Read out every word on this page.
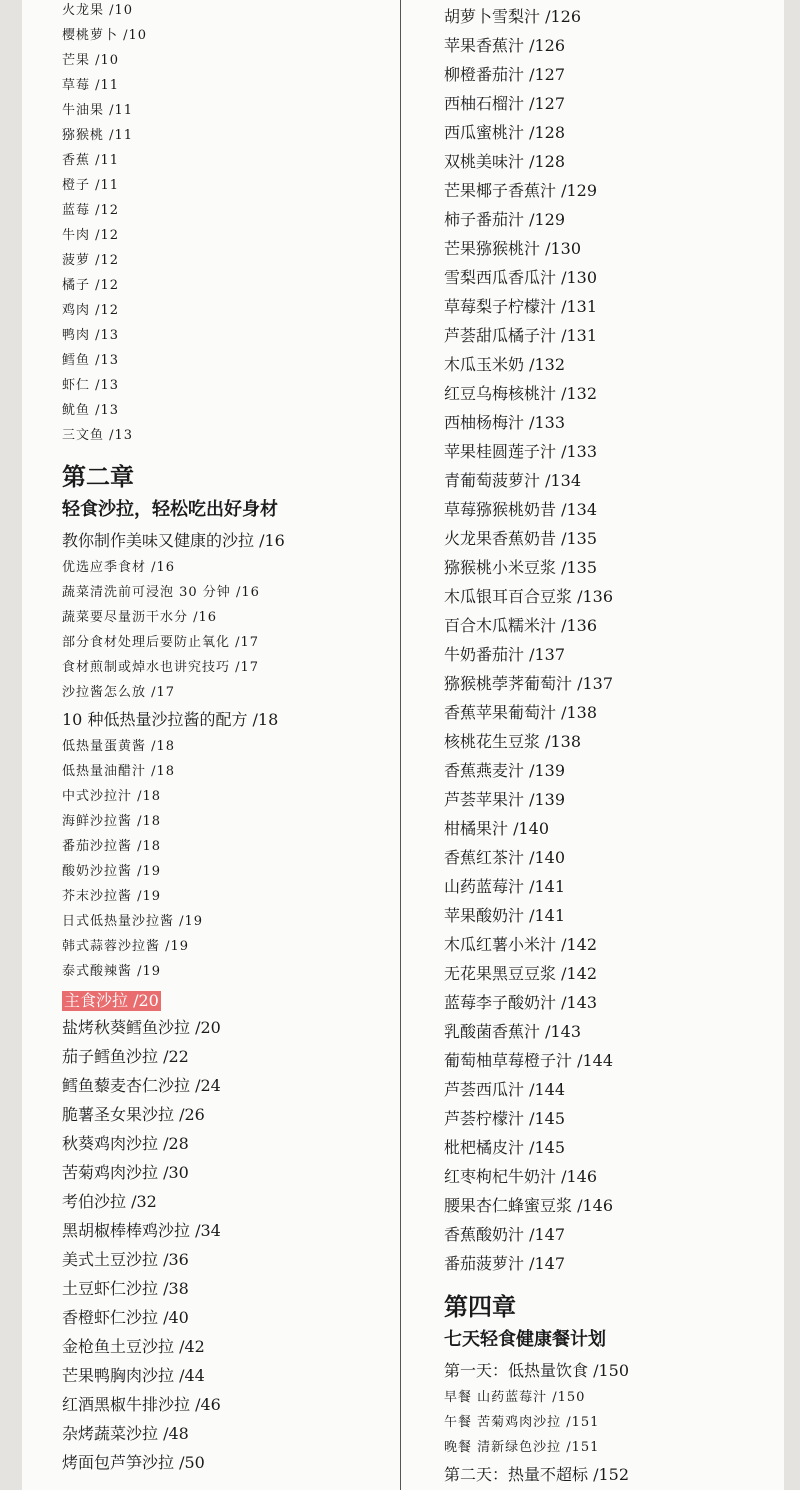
火龙果 /10
樱桃萝卜 /10
芒果 /10
草莓 /11
牛油果 /11
猕猴桃 /11
香蕉 /11
橙子 /11
蓝莓 /12
牛肉 /12
菠萝 /12
橘子 /12
鸡肉 /12
鸭肉 /13
鳕鱼 /13
虾仁 /13
鱿鱼 /13
三文鱼 /13
第二章
轻食沙拉，轻松吃出好身材
教你制作美味又健康的沙拉 /16
优选应季食材 /16
蔬菜清洗前可浸泡 30 分钟 /16
蔬菜要尽量沥干水分 /16
部分食材处理后要防止氧化 /17
食材煎制或焯水也讲究技巧 /17
沙拉酱怎么放 /17
10 种低热量沙拉酱的配方 /18
低热量蛋黄酱 /18
低热量油醋汁 /18
中式沙拉汁 /18
海鲜沙拉酱 /18
番茄沙拉酱 /18
酸奶沙拉酱 /19
芥末沙拉酱 /19
日式低热量沙拉酱 /19
韩式蒜蓉沙拉酱 /19
泰式酸辣酱 /19
主食沙拉 /20
盐烤秋葵鳕鱼沙拉 /20
茄子鳕鱼沙拉 /22
鳕鱼藜麦杏仁沙拉 /24
脆薯圣女果沙拉 /26
秋葵鸡肉沙拉 /28
苦菊鸡肉沙拉 /30
考伯沙拉 /32
黑胡椒棒棒鸡沙拉 /34
美式土豆沙拉 /36
土豆虾仁沙拉 /38
香橙虾仁沙拉 /40
金枪鱼土豆沙拉 /42
芒果鸭胸肉沙拉 /44
红酒黑椒牛排沙拉 /46
杂烤蔬菜沙拉 /48
烤面包芦笋沙拉 /50
胡萝卜雪梨汁 /126
苹果香蕉汁 /126
柳橙番茄汁 /127
西柚石榴汁 /127
西瓜蜜桃汁 /128
双桃美味汁 /128
芒果椰子香蕉汁 /129
柿子番茄汁 /129
芒果猕猴桃汁 /130
雪梨西瓜香瓜汁 /130
草莓梨子柠檬汁 /131
芦荟甜瓜橘子汁 /131
木瓜玉米奶 /132
红豆乌梅核桃汁 /132
西柚杨梅汁 /133
苹果桂圆莲子汁 /133
青葡萄菠萝汁 /134
草莓猕猴桃奶昔 /134
火龙果香蕉奶昔 /135
猕猴桃小米豆浆 /135
木瓜银耳百合豆浆 /136
百合木瓜糯米汁 /136
牛奶番茄汁 /137
猕猴桃荸荠葡萄汁 /137
香蕉苹果葡萄汁 /138
核桃花生豆浆 /138
香蕉燕麦汁 /139
芦荟苹果汁 /139
柑橘果汁 /140
香蕉红茶汁 /140
山药蓝莓汁 /141
苹果酸奶汁 /141
木瓜红薯小米汁 /142
无花果黑豆豆浆 /142
蓝莓李子酸奶汁 /143
乳酸菌香蕉汁 /143
葡萄柚草莓橙子汁 /144
芦荟西瓜汁 /144
芦荟柠檬汁 /145
枇杷橘皮汁 /145
红枣枸杞牛奶汁 /146
腰果杏仁蜂蜜豆浆 /146
香蕉酸奶汁 /147
番茄菠萝汁 /147
第四章
七天轻食健康餐计划
第一天：低热量饮食 /150
早餐 山药蓝莓汁 /150
午餐 苦菊鸡肉沙拉 /151
晚餐 清新绿色沙拉 /151
第二天：热量不超标 /152
